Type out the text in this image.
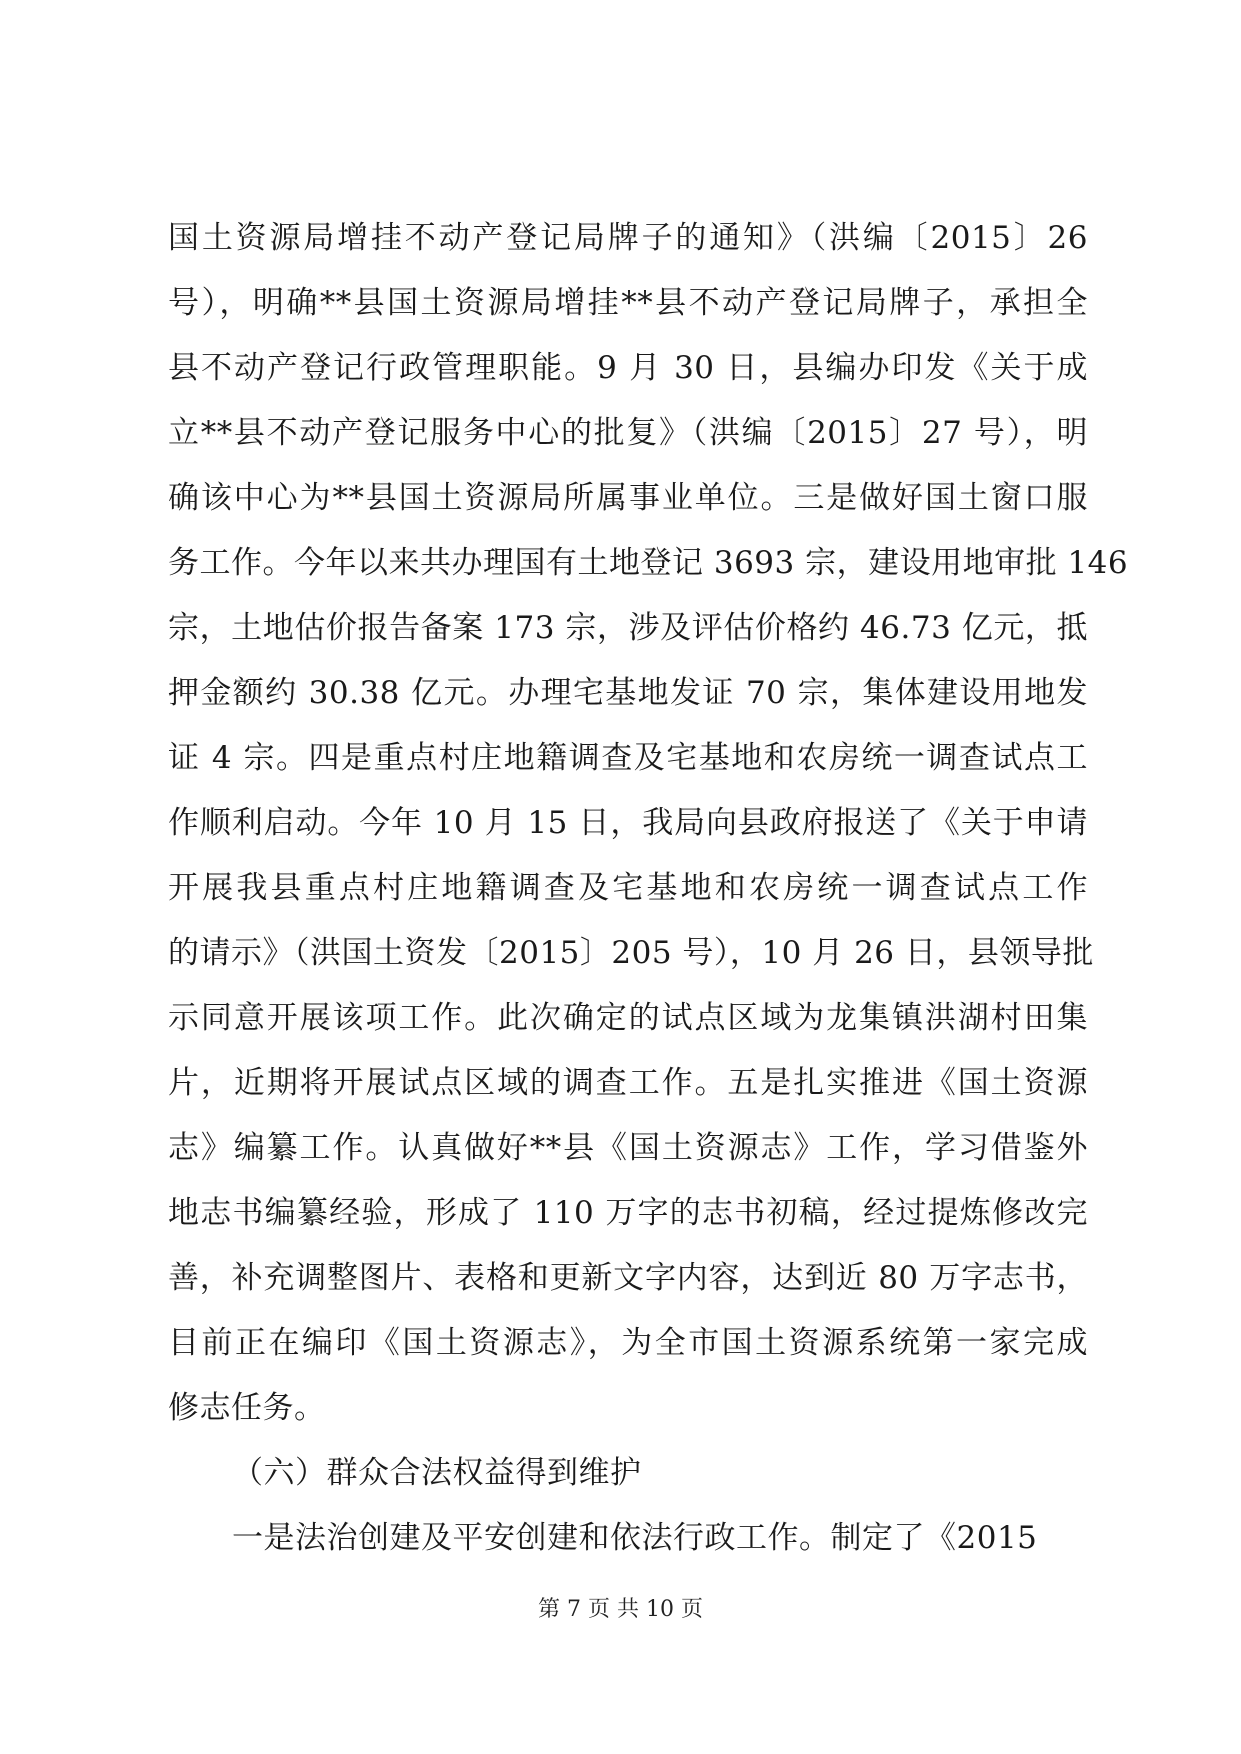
国土资源局增挂不动产登记局牌子的通知》（洪编〔2015〕26
号），明确**县国土资源局增挂**县不动产登记局牌子，承担全
县不动产登记行政管理职能。9 月 30 日，县编办印发《关于成
立**县不动产登记服务中心的批复》（洪编〔2015〕27 号），明
确该中心为**县国土资源局所属事业单位。三是做好国土窗口服
务工作。今年以来共办理国有土地登记 3693 宗，建设用地审批 146
宗，土地估价报告备案 173 宗，涉及评估价格约 46.73 亿元，抵
押金额约 30.38 亿元。办理宅基地发证 70 宗，集体建设用地发
证 4 宗。四是重点村庄地籍调查及宅基地和农房统一调查试点工
作顺利启动。今年 10 月 15 日，我局向县政府报送了《关于申请
开展我县重点村庄地籍调查及宅基地和农房统一调查试点工作
的请示》（洪国土资发〔2015〕205 号），10 月 26 日，县领导批
示同意开展该项工作。此次确定的试点区域为龙集镇洪湖村田集
片，近期将开展试点区域的调查工作。五是扎实推进《国土资源
志》编纂工作。认真做好**县《国土资源志》工作，学习借鉴外
地志书编纂经验，形成了 110 万字的志书初稿，经过提炼修改完
善，补充调整图片、表格和更新文字内容，达到近 80 万字志书，
目前正在编印《国土资源志》，为全市国土资源系统第一家完成
修志任务。
（六）群众合法权益得到维护
一是法治创建及平安创建和依法行政工作。制定了《2015
第 7 页 共 10 页
